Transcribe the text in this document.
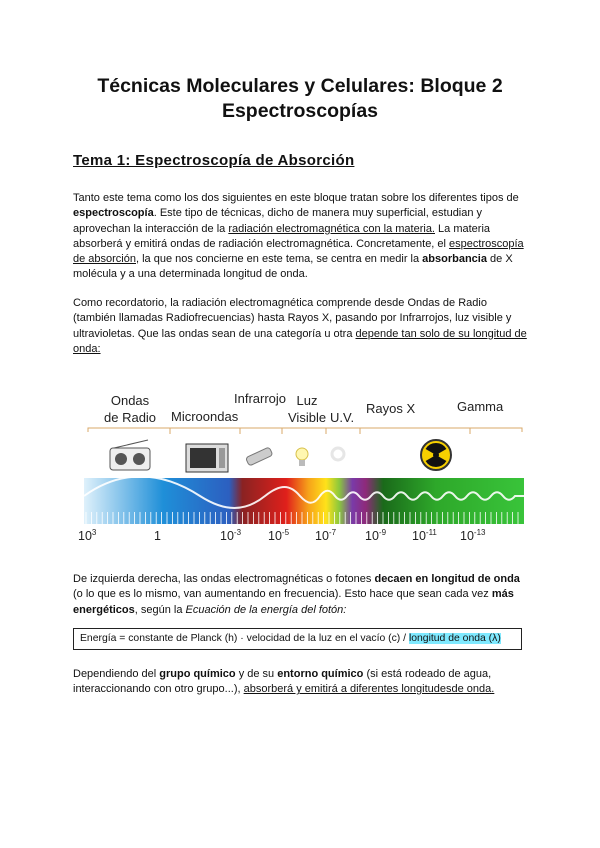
Técnicas Moleculares y Celulares: Bloque 2
Espectroscopías
Tema 1: Espectroscopía de Absorción
Tanto este tema como los dos siguientes en este bloque tratan sobre los diferentes tipos de espectroscopía. Este tipo de técnicas, dicho de manera muy superficial, estudian y aprovechan la interacción de la radiación electromagnética con la materia. La materia absorberá y emitirá ondas de radiación electromagnética. Concretamente, el espectroscopía de absorción, la que nos concierne en este tema, se centra en medir la absorbancia de X molécula y a una determinada longitud de onda.
Como recordatorio, la radiación electromagnética comprende desde Ondas de Radio (también llamadas Radiofrecuencias) hasta Rayos X, pasando por Infrarrojos, luz visible y ultravioletas. Que las ondas sean de una categoría u otra depende tan solo de su longitud de onda:
Ondas
de Radio Microondas
Infrarrojo Luz
Visible U.V.
Rayos X	Gamma
$10^3$	1	$10^{-3}$ $10^{-5}$ $10^{-7}$ $10^{-9}$ $10^{-11}$ $10^{-13}$
De izquierda derecha, las ondas electromagnéticas o fotones decaen en longitud de onda (o lo que es lo mismo, van aumentando en frecuencia). Esto hace que sean cada vez más energéticos, según la Ecuación de la energía del fotón:
Energía = constante de Planck (h) · velocidad de la luz en el vacío (c) / longitud de onda (λ)
Dependiendo del grupo químico y de su entorno químico (si está rodeado de agua, interaccionando con otro grupo...), absorberá y emitirá a diferentes longitudesde onda.
